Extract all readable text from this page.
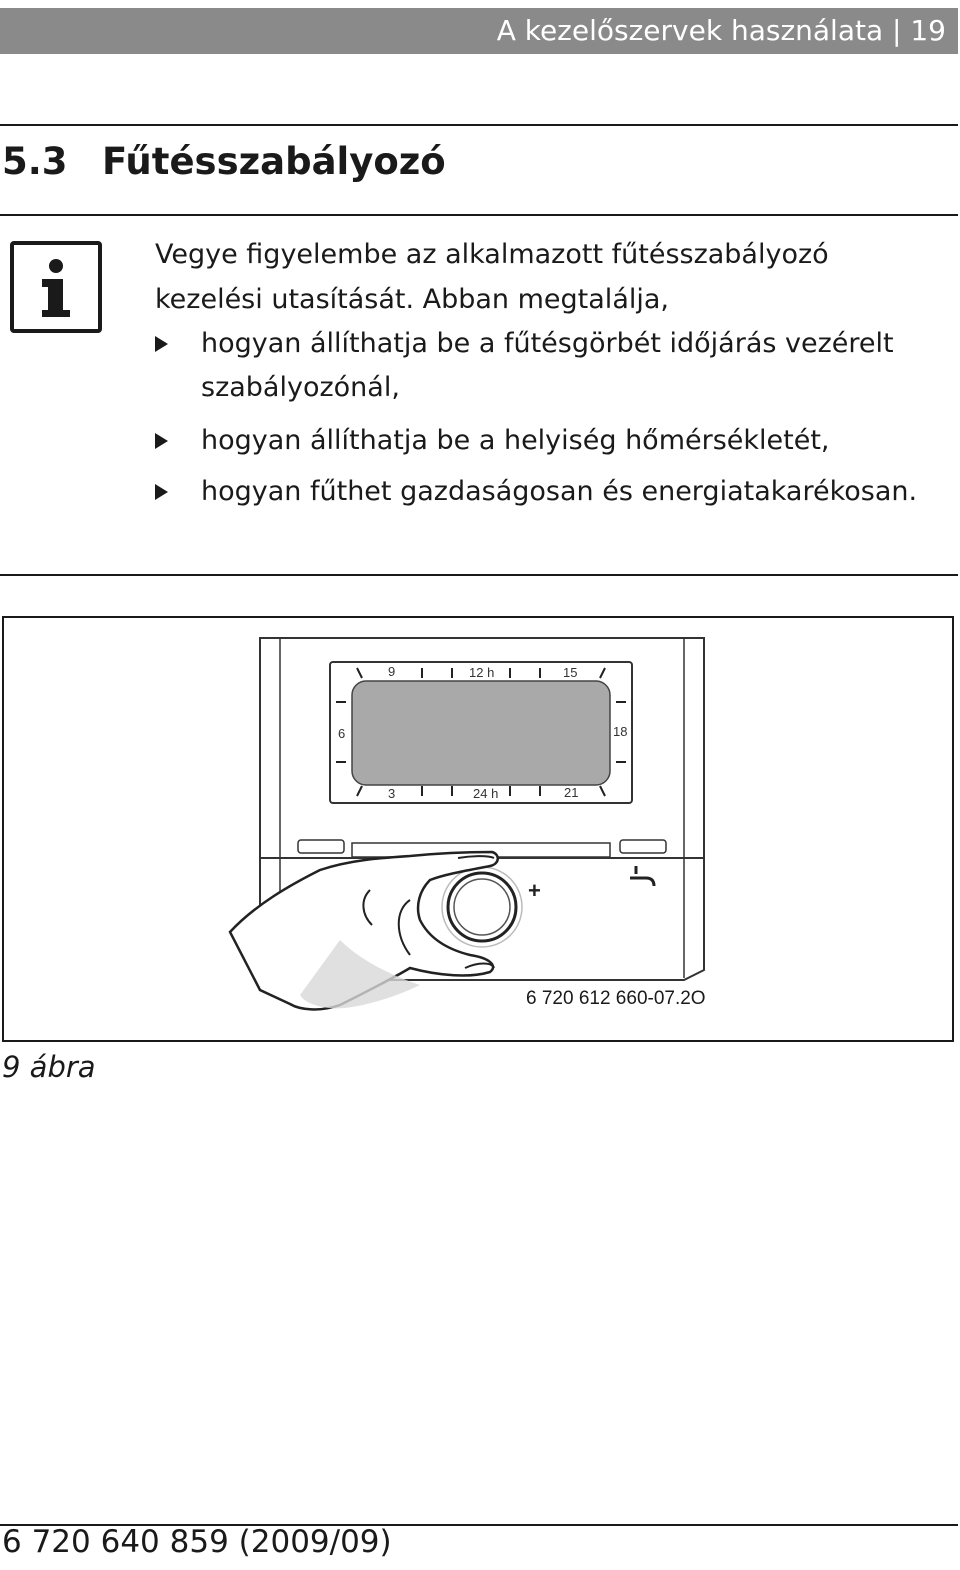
A kezelőszervek használata | 19
5.3 Fűtésszabályozó
Vegye figyelembe az alkalmazott fűtésszabályozó kezelési utasítását. Abban megtalálja,
hogyan állíthatja be a fűtésgörbét időjárás vezérelt szabályozónál,
hogyan állíthatja be a helyiség hőmérsékletét,
hogyan fűthet gazdaságosan és energiatakarékosan.
9	12 h	15
6	18
3	24 h	21
+
6 720 612 660-07.2O
9 ábra
6 720 640 859 (2009/09)
